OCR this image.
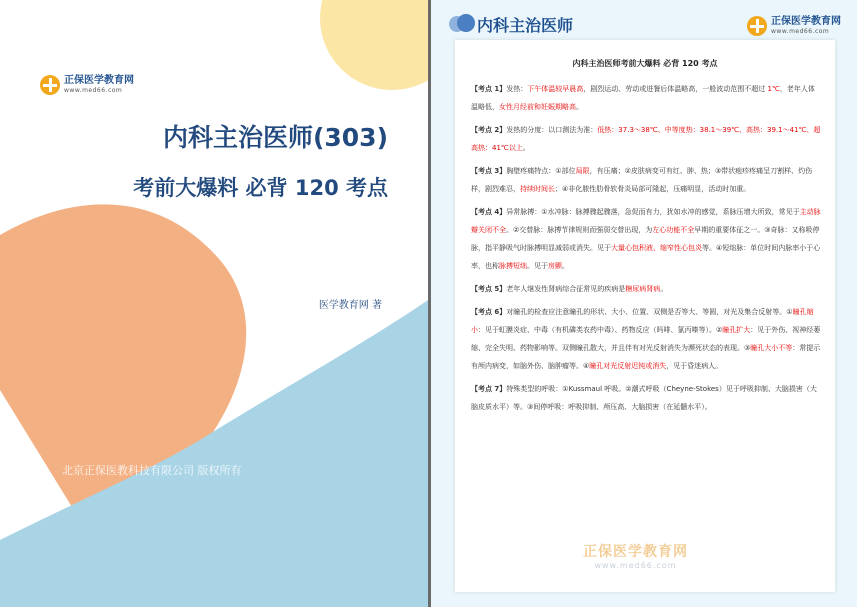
正保医学教育网
www.med66.com
内科主治医师(303)
考前大爆料 必背 120 考点
医学教育网 著
北京正保医教科技有限公司 版权所有
内科主治医师	正保医学教育网
www.med66.com
内科主治医师考前大爆料 必背 120 考点

【考点 1】发热：下午体温较早晨高，剧烈运动、劳动或进餐后体温略高，一般波动范围不超过 1℃，老年人体温略低，女性月经前和妊娠期略高。

【考点 2】发热的分度：以口测法为准：低热：37.3～38℃、中等度热：38.1～39℃、高热：39.1～41℃、超高热：41℃以上。

【考点 3】胸壁疼痛特点：①部位局限，有压痛；②皮肤病变可有红、肿、热；③带状疱疹疼痛呈刀割样、灼伤样，剧烈难忍，持续时间长；④非化脓性肋骨软骨炎局部可隆起，压痛明显，活动时加重。

【考点 4】异常脉搏：①水冲脉：脉搏骤起骤落，急促而有力，犹如水冲的感觉，系脉压增大所致，常见于主动脉瓣关闭不全。②交替脉：脉搏节律规则而强弱交替出现，为左心功能不全早期的重要体征之一。③奇脉：又称吸停脉，指平静吸气时脉搏明显减弱或消失。见于大量心包积液、缩窄性心包炎等。④短绌脉：单位时间内脉率小于心率，也称脉搏短绌。见于房颤。

【考点 5】老年人继发性肾病综合征常见的疾病是糖尿病肾病。

【考点 6】对瞳孔的检查应注意瞳孔的形状、大小、位置、双侧是否等大、等圆，对光及集合反射等。①瞳孔缩小：见于虹膜炎症、中毒（有机磷类农药中毒）、药物反应（吗啡、氯丙嗪等）。②瞳孔扩大：见于外伤、视神经萎缩、完全失明、药物影响等。双侧瞳孔散大，并且伴有对光反射消失为濒死状态的表现。③瞳孔大小不等：常提示有颅内病变，如脑外伤、脑肿瘤等。④瞳孔对光反射迟钝或消失，见于昏迷病人。

【考点 7】特殊类型的呼吸：①Kussmaul 呼吸。②潮式呼吸（Cheyne-Stokes）见于呼吸抑制、大脑损害（大脑皮质水平）等。③间停呼吸：呼吸抑制、颅压高、大脑损害（在延髓水平）。

正保医学教育网
www.med66.com
